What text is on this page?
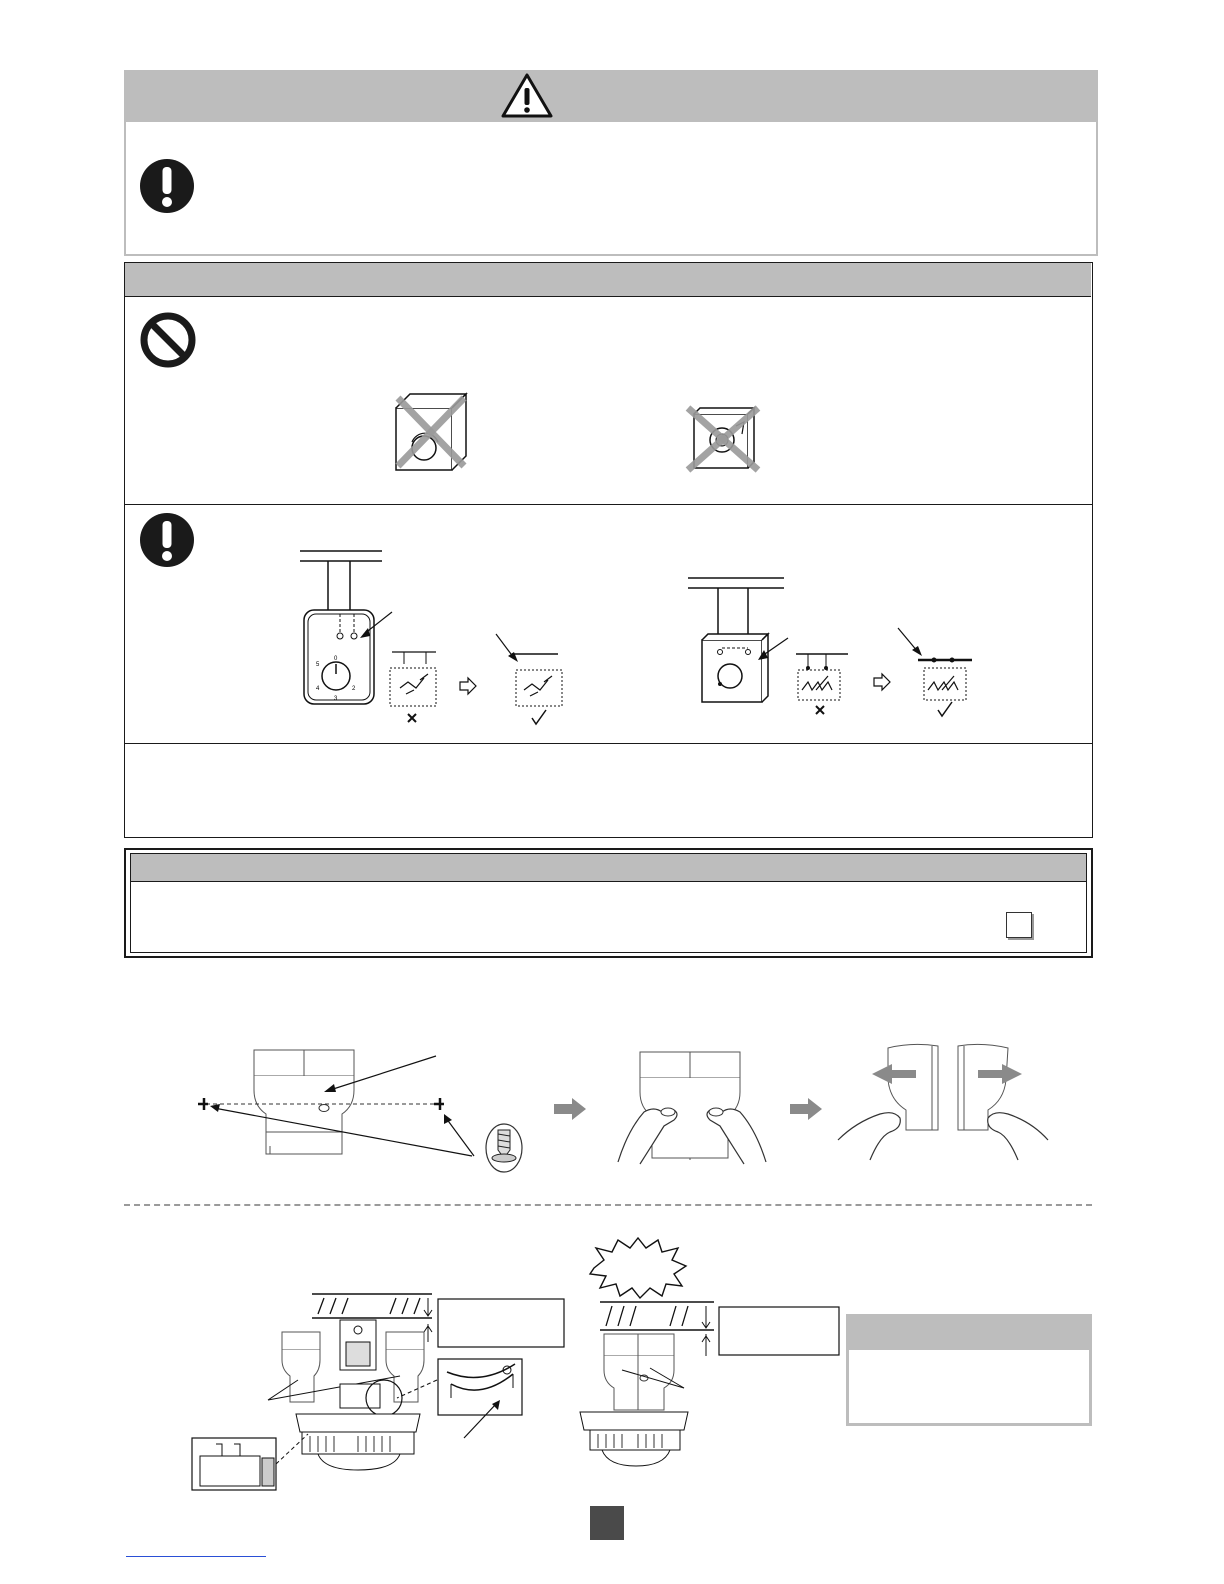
5
4	2
3
0
